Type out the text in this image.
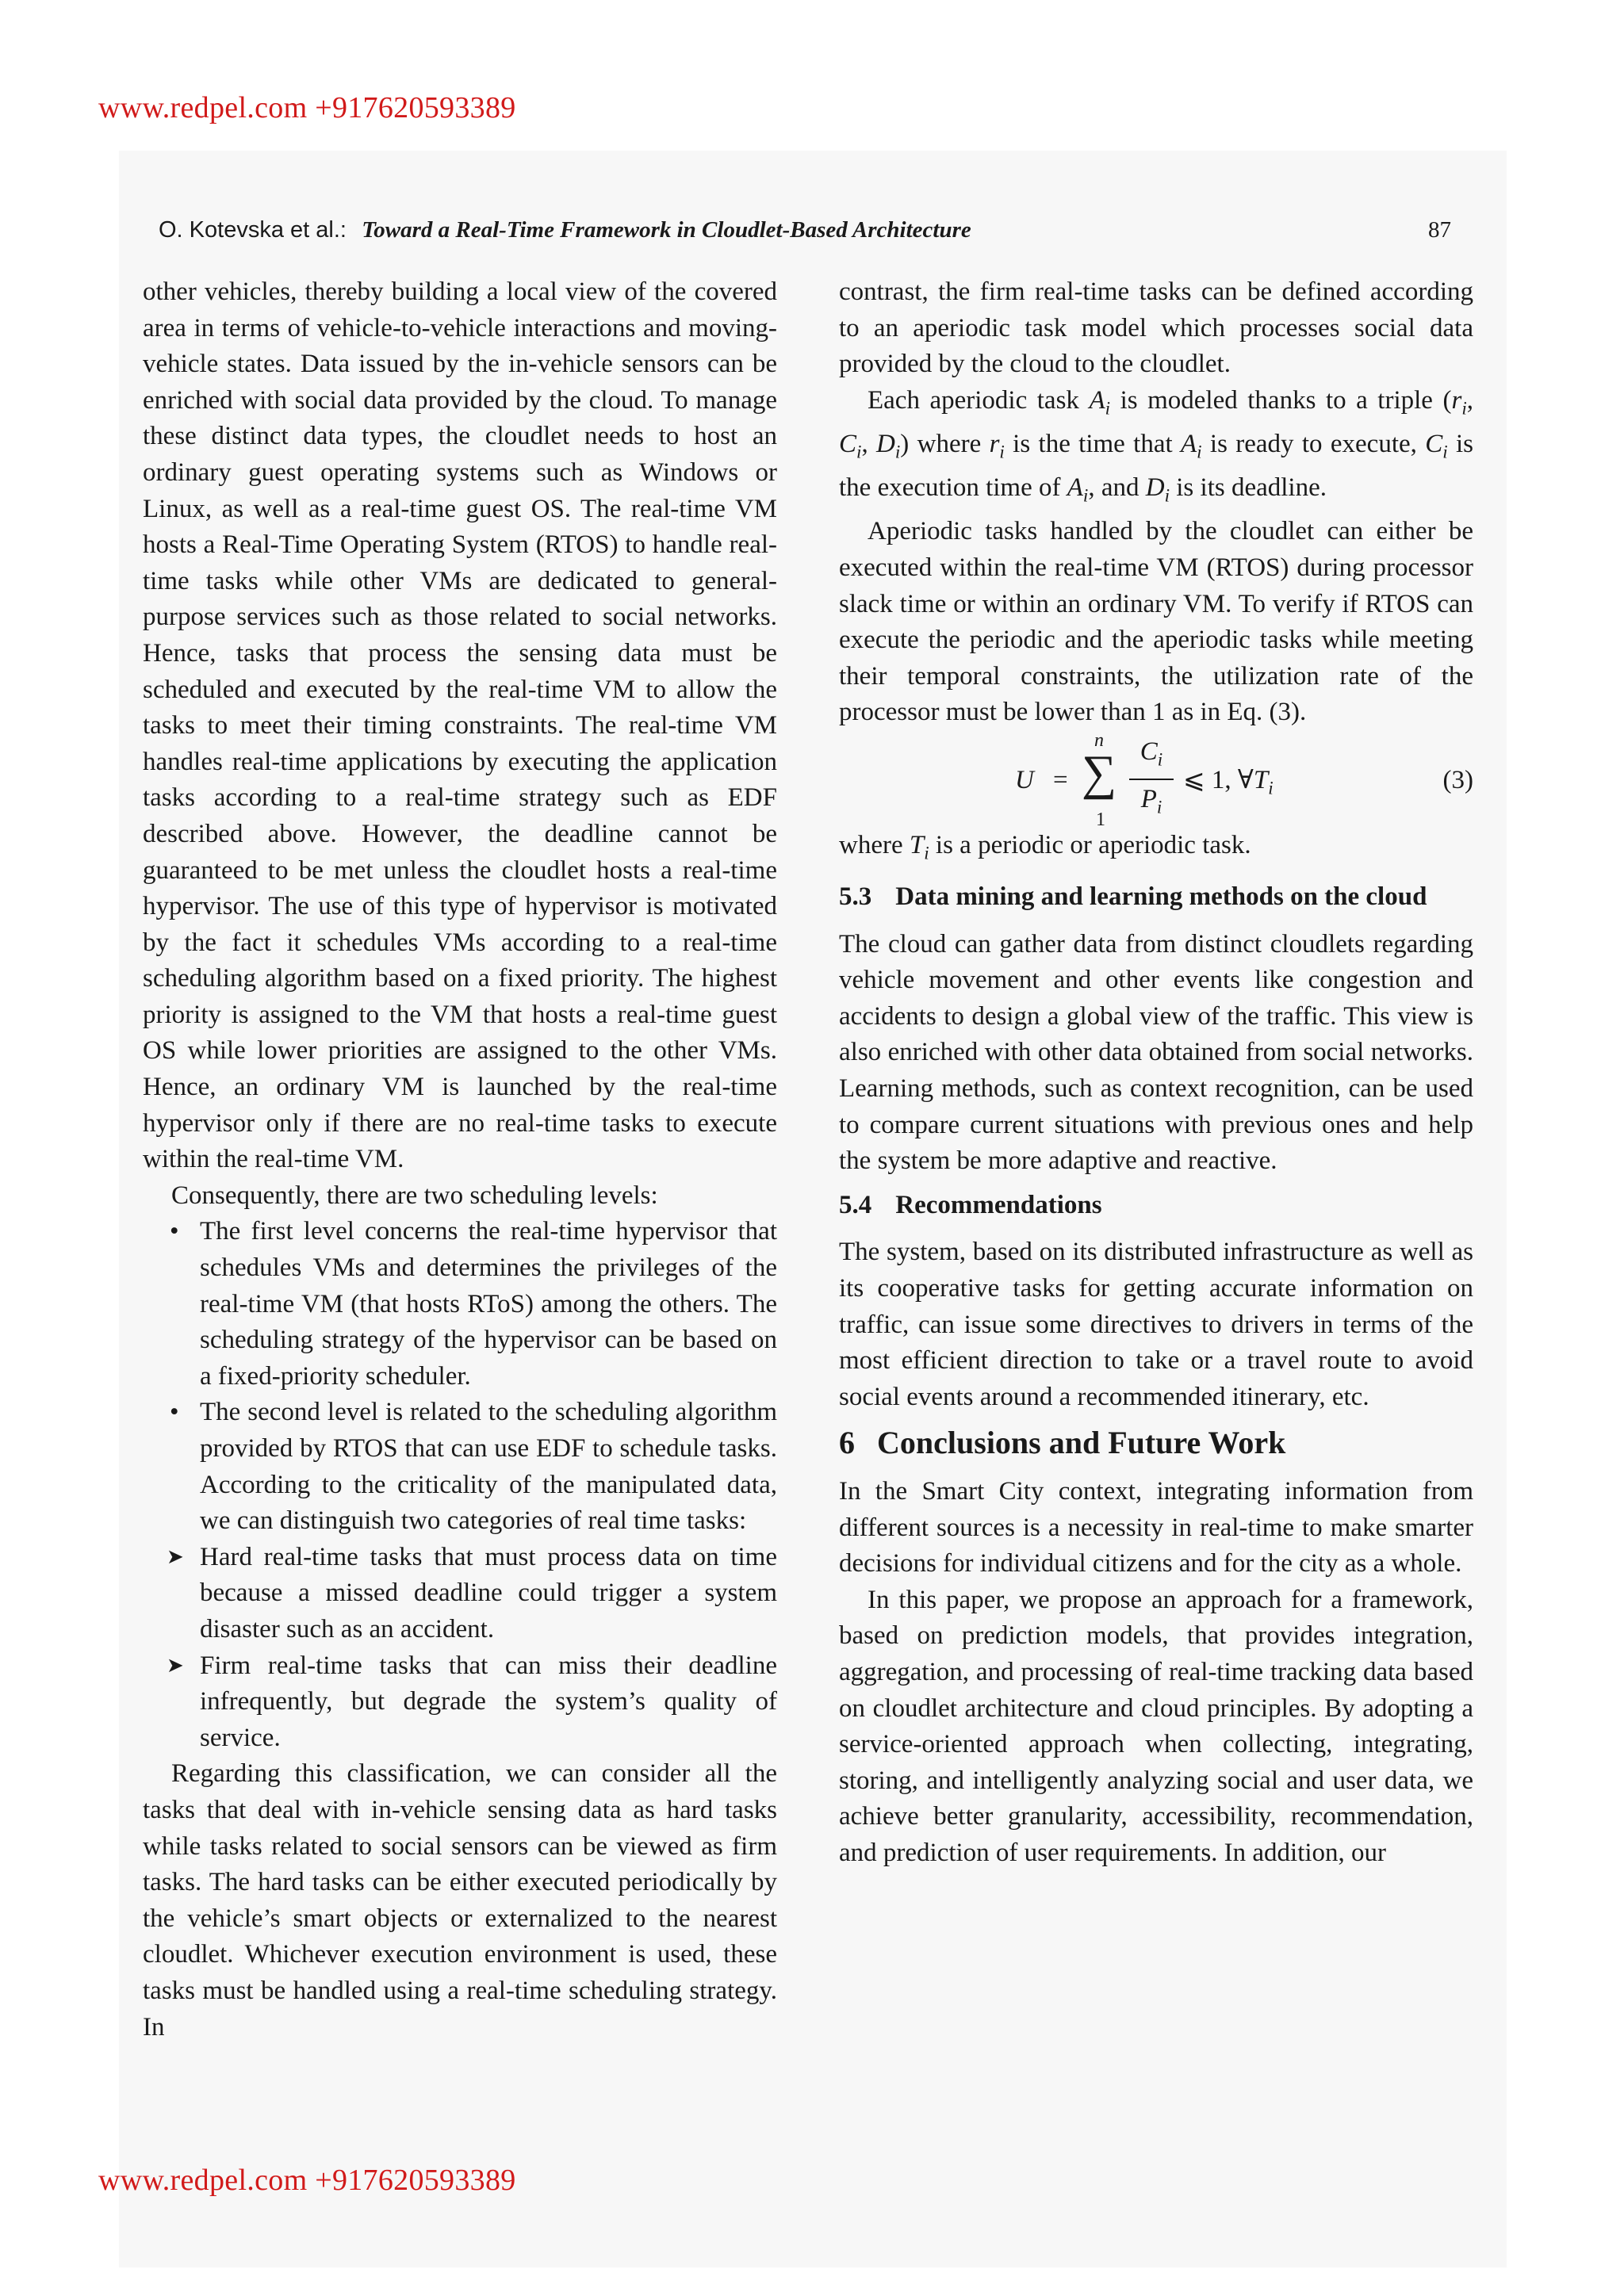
www.redpel.com +917620593389
O. Kotevska et al.: Toward a Real-Time Framework in Cloudlet-Based Architecture	87

other vehicles, thereby building a local view of the covered area in terms of vehicle-to-vehicle interactions and moving-vehicle states. Data issued by the in-vehicle sensors can be enriched with social data provided by the cloud. To manage these distinct data types, the cloudlet needs to host an ordinary guest operating systems such as Windows or Linux, as well as a real-time guest OS. The real-time VM hosts a Real-Time Operating System (RTOS) to handle real-time tasks while other VMs are dedicated to general-purpose services such as those related to social networks. Hence, tasks that process the sensing data must be scheduled and executed by the real-time VM to allow the tasks to meet their timing constraints. The real-time VM handles real-time applications by executing the application tasks according to a real-time strategy such as EDF described above. However, the deadline cannot be guaranteed to be met unless the cloudlet hosts a real-time hypervisor. The use of this type of hypervisor is motivated by the fact it schedules VMs according to a real-time scheduling algorithm based on a fixed priority. The highest priority is assigned to the VM that hosts a real-time guest OS while lower priorities are assigned to the other VMs. Hence, an ordinary VM is launched by the real-time hypervisor only if there are no real-time tasks to execute within the real-time VM.

Consequently, there are two scheduling levels:

• The first level concerns the real-time hypervisor that schedules VMs and determines the privileges of the real-time VM (that hosts RToS) among the others. The scheduling strategy of the hypervisor can be based on a fixed-priority scheduler.
• The second level is related to the scheduling algorithm provided by RTOS that can use EDF to schedule tasks. According to the criticality of the manipulated data, we can distinguish two categories of real time tasks:
➤ Hard real-time tasks that must process data on time because a missed deadline could trigger a system disaster such as an accident.
➤ Firm real-time tasks that can miss their deadline infrequently, but degrade the system’s quality of service.

Regarding this classification, we can consider all the tasks that deal with in-vehicle sensing data as hard tasks while tasks related to social sensors can be viewed as firm tasks. The hard tasks can be either executed periodically by the vehicle’s smart objects or externalized to the nearest cloudlet. Whichever execution environment is used, these tasks must be handled using a real-time scheduling strategy. In

contrast, the firm real-time tasks can be defined according to an aperiodic task model which processes social data provided by the cloud to the cloudlet.

Each aperiodic task $A_i$ is modeled thanks to a triple ($r_i$, $C_i$, $D_i$) where $r_i$ is the time that $A_i$ is ready to execute, $C_i$ is the execution time of $A_i$, and $D_i$ is its deadline.

Aperiodic tasks handled by the cloudlet can either be executed within the real-time VM (RTOS) during processor slack time or within an ordinary VM. To verify if RTOS can execute the periodic and the aperiodic tasks while meeting their temporal constraints, the utilization rate of the processor must be lower than 1 as in Eq. (3).

U =
n
∑
1
$C_i$
$P_i$
⩽ 1, $\forall T_i$	(3)

where $T_i$ is a periodic or aperiodic task.

5.3 Data mining and learning methods on the cloud

The cloud can gather data from distinct cloudlets regarding vehicle movement and other events like congestion and accidents to design a global view of the traffic. This view is also enriched with other data obtained from social networks. Learning methods, such as context recognition, can be used to compare current situations with previous ones and help the system be more adaptive and reactive.

5.4 Recommendations

The system, based on its distributed infrastructure as well as its cooperative tasks for getting accurate information on traffic, can issue some directives to drivers in terms of the most efficient direction to take or a travel route to avoid social events around a recommended itinerary, etc.

6 Conclusions and Future Work

In the Smart City context, integrating information from different sources is a necessity in real-time to make smarter decisions for individual citizens and for the city as a whole.

In this paper, we propose an approach for a framework, based on prediction models, that provides integration, aggregation, and processing of real-time tracking data based on cloudlet architecture and cloud principles. By adopting a service-oriented approach when collecting, integrating, storing, and intelligently analyzing social and user data, we achieve better granularity, accessibility, recommendation, and prediction of user requirements. In addition, our

www.redpel.com +917620593389
